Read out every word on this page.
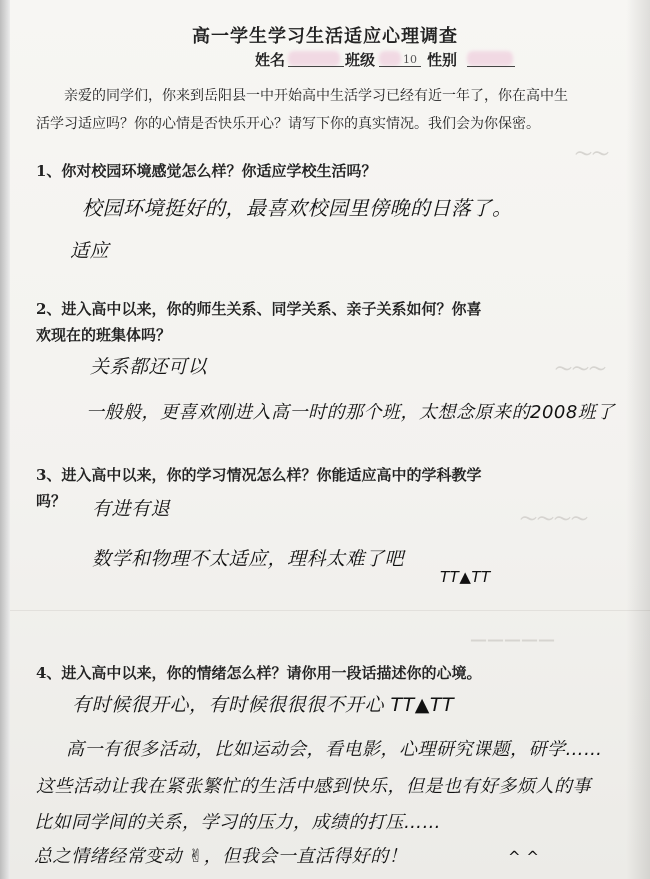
～～
～～～
～～～～
—————
高一学生学习生活适应心理调查
姓名	班级	10 性别
亲爱的同学们，你来到岳阳县一中开始高中生活学习已经有近一年了，你在高中生活学习适应吗？你的心情是否快乐开心？请写下你的真实情况。我们会为你保密。
1、你对校园环境感觉怎么样？你适应学校生活吗？
校园环境挺好的，最喜欢校园里傍晚的日落了。
适应
2、进入高中以来，你的师生关系、同学关系、亲子关系如何？你喜
欢现在的班集体吗？
关系都还可以
一般般，更喜欢刚进入高一时的那个班，太想念原来的2008班了
3、进入高中以来，你的学习情况怎么样？你能适应高中的学科教学
吗？ 有进有退
数学和物理不太适应，理科太难了吧
TT▲TT
4、进入高中以来，你的情绪怎么样？请你用一段话描述你的心境。
有时候很开心，有时候很很很不开心 TT▲TT
高一有很多活动，比如运动会，看电影，心理研究课题，研学……
这些活动让我在紧张繁忙的生活中感到快乐，但是也有好多烦人的事
比如同学间的关系，学习的压力，成绩的打压……
总之情绪经常变动 ✌，但我会一直活得好的！	^ ^
